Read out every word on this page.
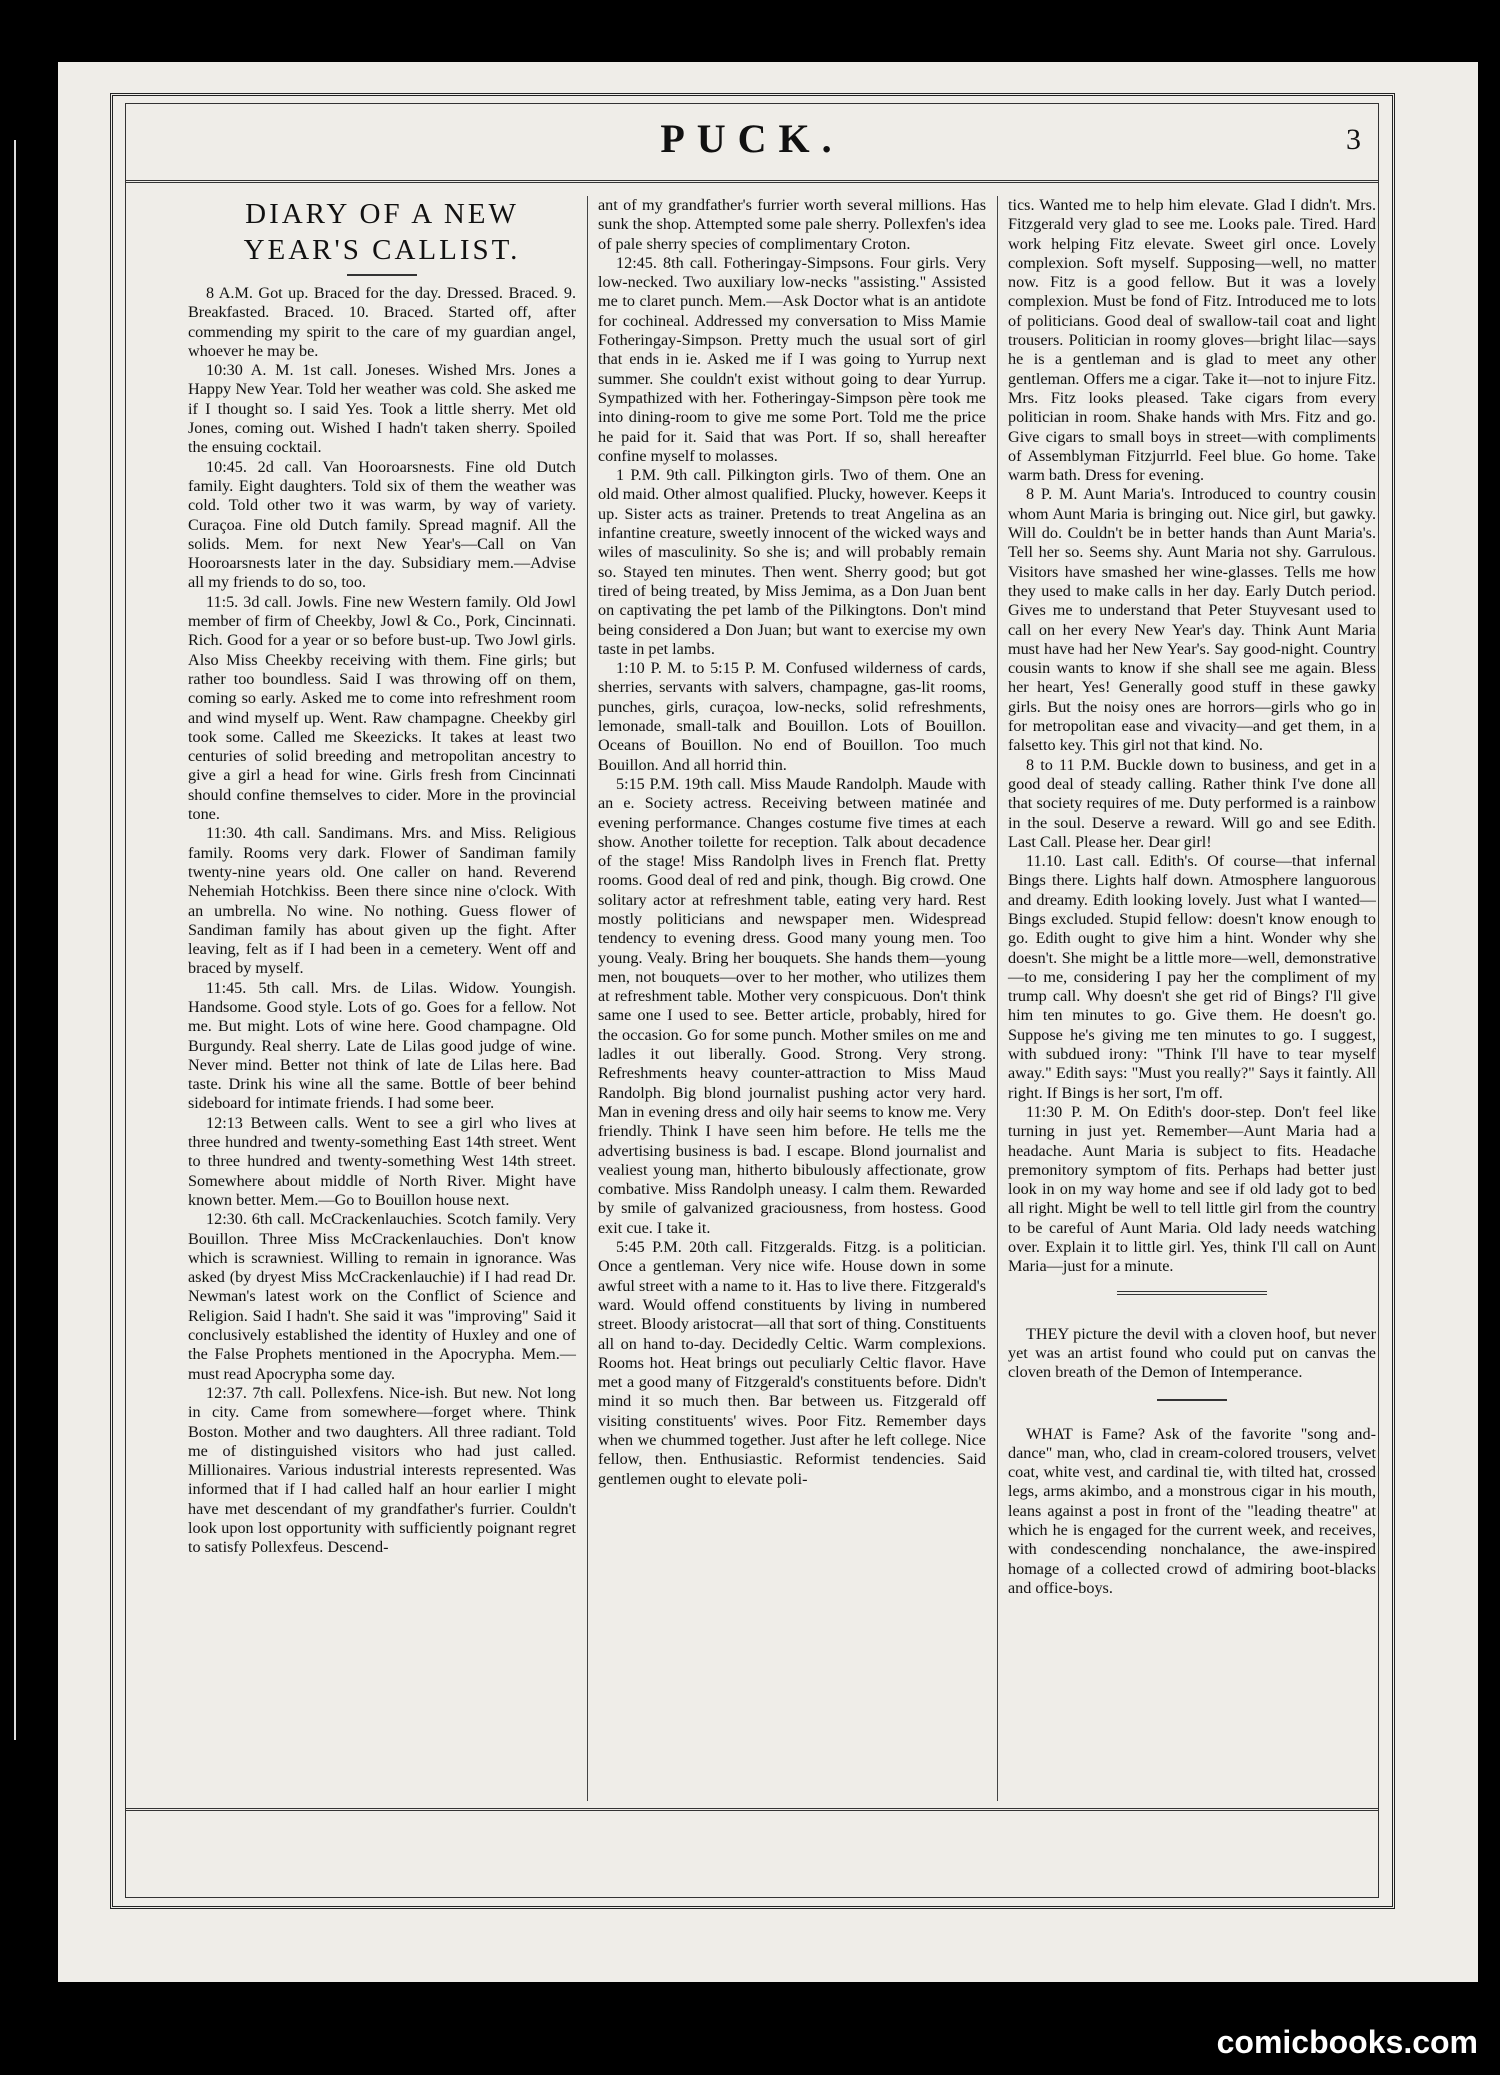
PUCK.	3
DIARY OF A NEW YEAR'S CALLIST.

8 A.M. Got up. Braced for the day. Dressed. Braced. 9. Breakfasted. Braced. 10. Braced. Started off, after commending my spirit to the care of my guardian angel, whoever he may be.

10:30 A. M. 1st call. Joneses. Wished Mrs. Jones a Happy New Year. Told her weather was cold. She asked me if I thought so. I said Yes. Took a little sherry. Met old Jones, coming out. Wished I hadn't taken sherry. Spoiled the ensuing cocktail.

10:45. 2d call. Van Hooroarsnests. Fine old Dutch family. Eight daughters. Told six of them the weather was cold. Told other two it was warm, by way of variety. Curaçoa. Fine old Dutch family. Spread magnif. All the solids. Mem. for next New Year's—Call on Van Hooroarsnests later in the day. Subsidiary mem.—Advise all my friends to do so, too.

11:5. 3d call. Jowls. Fine new Western family. Old Jowl member of firm of Cheekby, Jowl & Co., Pork, Cincinnati. Rich. Good for a year or so before bust-up. Two Jowl girls. Also Miss Cheekby receiving with them. Fine girls; but rather too boundless. Said I was throwing off on them, coming so early. Asked me to come into refreshment room and wind myself up. Went. Raw champagne. Cheekby girl took some. Called me Skeezicks. It takes at least two centuries of solid breeding and metropolitan ancestry to give a girl a head for wine. Girls fresh from Cincinnati should confine themselves to cider. More in the provincial tone.

11:30. 4th call. Sandimans. Mrs. and Miss. Religious family. Rooms very dark. Flower of Sandiman family twenty-nine years old. One caller on hand. Reverend Nehemiah Hotchkiss. Been there since nine o'clock. With an umbrella. No wine. No nothing. Guess flower of Sandiman family has about given up the fight. After leaving, felt as if I had been in a cemetery. Went off and braced by myself.

11:45. 5th call. Mrs. de Lilas. Widow. Youngish. Handsome. Good style. Lots of go. Goes for a fellow. Not me. But might. Lots of wine here. Good champagne. Old Burgundy. Real sherry. Late de Lilas good judge of wine. Never mind. Better not think of late de Lilas here. Bad taste. Drink his wine all the same. Bottle of beer behind sideboard for intimate friends. I had some beer.

12:13 Between calls. Went to see a girl who lives at three hundred and twenty-something East 14th street. Went to three hundred and twenty-something West 14th street. Somewhere about middle of North River. Might have known better. Mem.—Go to Bouillon house next.

12:30. 6th call. McCrackenlauchies. Scotch family. Very Bouillon. Three Miss McCrackenlauchies. Don't know which is scrawniest. Willing to remain in ignorance. Was asked (by dryest Miss McCrackenlauchie) if I had read Dr. Newman's latest work on the Conflict of Science and Religion. Said I hadn't. She said it was "improving" Said it conclusively established the identity of Huxley and one of the False Prophets mentioned in the Apocrypha. Mem.—must read Apocrypha some day.

12:37. 7th call. Pollexfens. Nice-ish. But new. Not long in city. Came from somewhere—forget where. Think Boston. Mother and two daughters. All three radiant. Told me of distinguished visitors who had just called. Millionaires. Various industrial interests represented. Was informed that if I had called half an hour earlier I might have met descendant of my grandfather's furrier. Couldn't look upon lost opportunity with sufficiently poignant regret to satisfy Pollexfeus. Descend-

ant of my grandfather's furrier worth several millions. Has sunk the shop. Attempted some pale sherry. Pollexfen's idea of pale sherry species of complimentary Croton.

12:45. 8th call. Fotheringay-Simpsons. Four girls. Very low-necked. Two auxiliary low-necks "assisting." Assisted me to claret punch. Mem.—Ask Doctor what is an antidote for cochineal. Addressed my conversation to Miss Mamie Fotheringay-Simpson. Pretty much the usual sort of girl that ends in ie. Asked me if I was going to Yurrup next summer. She couldn't exist without going to dear Yurrup. Sympathized with her. Fotheringay-Simpson père took me into dining-room to give me some Port. Told me the price he paid for it. Said that was Port. If so, shall hereafter confine myself to molasses.

1 P.M. 9th call. Pilkington girls. Two of them. One an old maid. Other almost qualified. Plucky, however. Keeps it up. Sister acts as trainer. Pretends to treat Angelina as an infantine creature, sweetly innocent of the wicked ways and wiles of masculinity. So she is; and will probably remain so. Stayed ten minutes. Then went. Sherry good; but got tired of being treated, by Miss Jemima, as a Don Juan bent on captivating the pet lamb of the Pilkingtons. Don't mind being considered a Don Juan; but want to exercise my own taste in pet lambs.

1:10 P. M. to 5:15 P. M. Confused wilderness of cards, sherries, servants with salvers, champagne, gas-lit rooms, punches, girls, curaçoa, low-necks, solid refreshments, lemonade, small-talk and Bouillon. Lots of Bouillon. Oceans of Bouillon. No end of Bouillon. Too much Bouillon. And all horrid thin.

5:15 P.M. 19th call. Miss Maude Randolph. Maude with an e. Society actress. Receiving between matinée and evening performance. Changes costume five times at each show. Another toilette for reception. Talk about decadence of the stage! Miss Randolph lives in French flat. Pretty rooms. Good deal of red and pink, though. Big crowd. One solitary actor at refreshment table, eating very hard. Rest mostly politicians and newspaper men. Widespread tendency to evening dress. Good many young men. Too young. Vealy. Bring her bouquets. She hands them—young men, not bouquets—over to her mother, who utilizes them at refreshment table. Mother very conspicuous. Don't think same one I used to see. Better article, probably, hired for the occasion. Go for some punch. Mother smiles on me and ladles it out liberally. Good. Strong. Very strong. Refreshments heavy counter-attraction to Miss Maud Randolph. Big blond journalist pushing actor very hard. Man in evening dress and oily hair seems to know me. Very friendly. Think I have seen him before. He tells me the advertising business is bad. I escape. Blond journalist and vealiest young man, hitherto bibulously affectionate, grow combative. Miss Randolph uneasy. I calm them. Rewarded by smile of galvanized graciousness, from hostess. Good exit cue. I take it.

5:45 P.M. 20th call. Fitzgeralds. Fitzg. is a politician. Once a gentleman. Very nice wife. House down in some awful street with a name to it. Has to live there. Fitzgerald's ward. Would offend constituents by living in numbered street. Bloody aristocrat—all that sort of thing. Constituents all on hand to-day. Decidedly Celtic. Warm complexions. Rooms hot. Heat brings out peculiarly Celtic flavor. Have met a good many of Fitzgerald's constituents before. Didn't mind it so much then. Bar between us. Fitzgerald off visiting constituents' wives. Poor Fitz. Remember days when we chummed together. Just after he left college. Nice fellow, then. Enthusiastic. Reformist tendencies. Said gentlemen ought to elevate poli-

tics. Wanted me to help him elevate. Glad I didn't. Mrs. Fitzgerald very glad to see me. Looks pale. Tired. Hard work helping Fitz elevate. Sweet girl once. Lovely complexion. Soft myself. Supposing—well, no matter now. Fitz is a good fellow. But it was a lovely complexion. Must be fond of Fitz. Introduced me to lots of politicians. Good deal of swallow-tail coat and light trousers. Politician in roomy gloves—bright lilac—says he is a gentleman and is glad to meet any other gentleman. Offers me a cigar. Take it—not to injure Fitz. Mrs. Fitz looks pleased. Take cigars from every politician in room. Shake hands with Mrs. Fitz and go. Give cigars to small boys in street—with compliments of Assemblyman Fitzjurrld. Feel blue. Go home. Take warm bath. Dress for evening.

8 P. M. Aunt Maria's. Introduced to country cousin whom Aunt Maria is bringing out. Nice girl, but gawky. Will do. Couldn't be in better hands than Aunt Maria's. Tell her so. Seems shy. Aunt Maria not shy. Garrulous. Visitors have smashed her wine-glasses. Tells me how they used to make calls in her day. Early Dutch period. Gives me to understand that Peter Stuyvesant used to call on her every New Year's day. Think Aunt Maria must have had her New Year's. Say good-night. Country cousin wants to know if she shall see me again. Bless her heart, Yes! Generally good stuff in these gawky girls. But the noisy ones are horrors—girls who go in for metropolitan ease and vivacity—and get them, in a falsetto key. This girl not that kind. No.

8 to 11 P.M. Buckle down to business, and get in a good deal of steady calling. Rather think I've done all that society requires of me. Duty performed is a rainbow in the soul. Deserve a reward. Will go and see Edith. Last Call. Please her. Dear girl!

11.10. Last call. Edith's. Of course—that infernal Bings there. Lights half down. Atmosphere languorous and dreamy. Edith looking lovely. Just what I wanted—Bings excluded. Stupid fellow: doesn't know enough to go. Edith ought to give him a hint. Wonder why she doesn't. She might be a little more—well, demonstrative—to me, considering I pay her the compliment of my trump call. Why doesn't she get rid of Bings? I'll give him ten minutes to go. Give them. He doesn't go. Suppose he's giving me ten minutes to go. I suggest, with subdued irony: "Think I'll have to tear myself away." Edith says: "Must you really?" Says it faintly. All right. If Bings is her sort, I'm off.

11:30 P. M. On Edith's door-step. Don't feel like turning in just yet. Remember—Aunt Maria had a headache. Aunt Maria is subject to fits. Headache premonitory symptom of fits. Perhaps had better just look in on my way home and see if old lady got to bed all right. Might be well to tell little girl from the country to be careful of Aunt Maria. Old lady needs watching over. Explain it to little girl. Yes, think I'll call on Aunt Maria—just for a minute.

THEY picture the devil with a cloven hoof, but never yet was an artist found who could put on canvas the cloven breath of the Demon of Intemperance.

WHAT is Fame? Ask of the favorite "song and-dance" man, who, clad in cream-colored trousers, velvet coat, white vest, and cardinal tie, with tilted hat, crossed legs, arms akimbo, and a monstrous cigar in his mouth, leans against a post in front of the "leading theatre" at which he is engaged for the current week, and receives, with condescending nonchalance, the awe-inspired homage of a collected crowd of admiring boot-blacks and office-boys.

comicbooks.com
